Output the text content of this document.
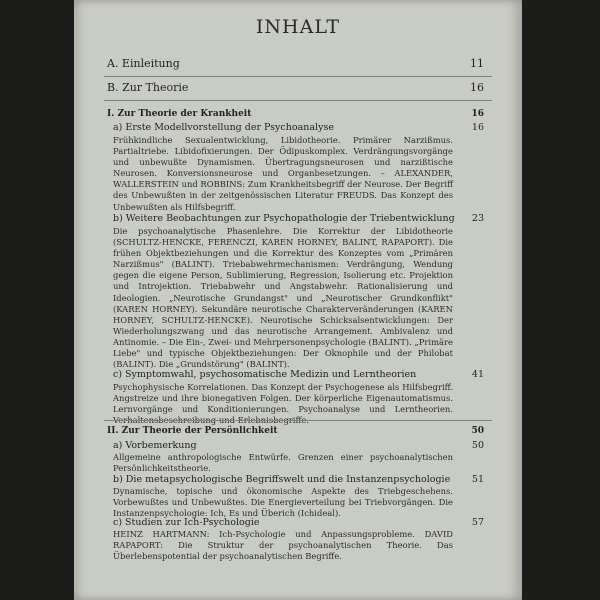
INHALT
A. Einleitung	11
B. Zur Theorie	16
I. Zur Theorie der Krankheit	16
a) Erste Modellvorstellung der Psychoanalyse	16
Frühkindliche Sexualentwicklung, Libidotheorie. Primärer Narzißmus. Partialtriebe. Libidofixierungen. Der Ödipuskomplex. Verdrängungsvorgänge und unbewußte Dynamismen. Übertragungsneurosen und narzißtische Neurosen. Konversionsneurose und Organbesetzungen. – ALEXANDER, WALLERSTEIN und ROBBINS: Zum Krankheitsbegriff der Neurose. Der Begriff des Unbewußten in der zeitgenössischen Literatur FREUDS. Das Konzept des Unbewußten als Hilfsbegriff.
b) Weitere Beobachtungen zur Psychopathologie der Triebentwicklung	23
Die psychoanalytische Phasenlehre. Die Korrektur der Libidotheorie (SCHULTZ-HENCKE, FERENCZI, KAREN HORNEY, BALINT, RAPAPORT). Die frühen Objektbeziehungen und die Korrektur des Konzeptes vom „Primären Narzißmus" (BALINT). Triebabwehrmechanismen: Verdrängung, Wendung gegen die eigene Person, Sublimierung, Regression, Isolierung etc. Projektion und Introjektion. Triebabwehr und Angstabwehr. Rationalisierung und Ideologien. „Neurotische Grundangst" und „Neurotischer Grundkonflikt" (KAREN HORNEY). Sekundäre neurotische Charakterveränderungen (KAREN HORNEY, SCHULTZ-HENCKE). Neurotische Schicksalsentwicklungen: Der Wiederholungszwang und das neurotische Arrangement. Ambivalenz und Antinomie. – Die Ein-, Zwei- und Mehrpersonenpsychologie (BALINT). „Primäre Liebe" und typische Objektbeziehungen: Der Oknophile und der Philobat (BALINT). Die „Grundstörung" (BALINT).
c) Symptomwahl, psychosomatische Medizin und Lerntheorien	41
Psychophysische Korrelationen. Das Konzept der Psychogenese als Hilfsbegriff. Angstreize und ihre bionegativen Folgen. Der körperliche Eigenautomatismus. Lernvorgänge und Konditionierungen. Psychoanalyse und Lerntheorien. Verhaltensbeschreibung und Erlebnisbegriffe.
II. Zur Theorie der Persönlichkeit	50
a) Vorbemerkung	50
Allgemeine anthropologische Entwürfe. Grenzen einer psychoanalytischen Persönlichkeitstheorie.
b) Die metapsychologische Begriffswelt und die Instanzenpsychologie	51
Dynamische, topische und ökonomische Aspekte des Triebgeschehens. Vorbewußtes und Unbewußtes. Die Energieverteilung bei Triebvorgängen. Die Instanzenpsychologie: Ich, Es und Überich (Ichideal).
c) Studien zur Ich-Psychologie	57
HEINZ HARTMANN: Ich-Psychologie und Anpassungsprobleme. DAVID RAPAPORT: Die Struktur der psychoanalytischen Theorie. Das Überlebenspotential der psychoanalytischen Begriffe.
